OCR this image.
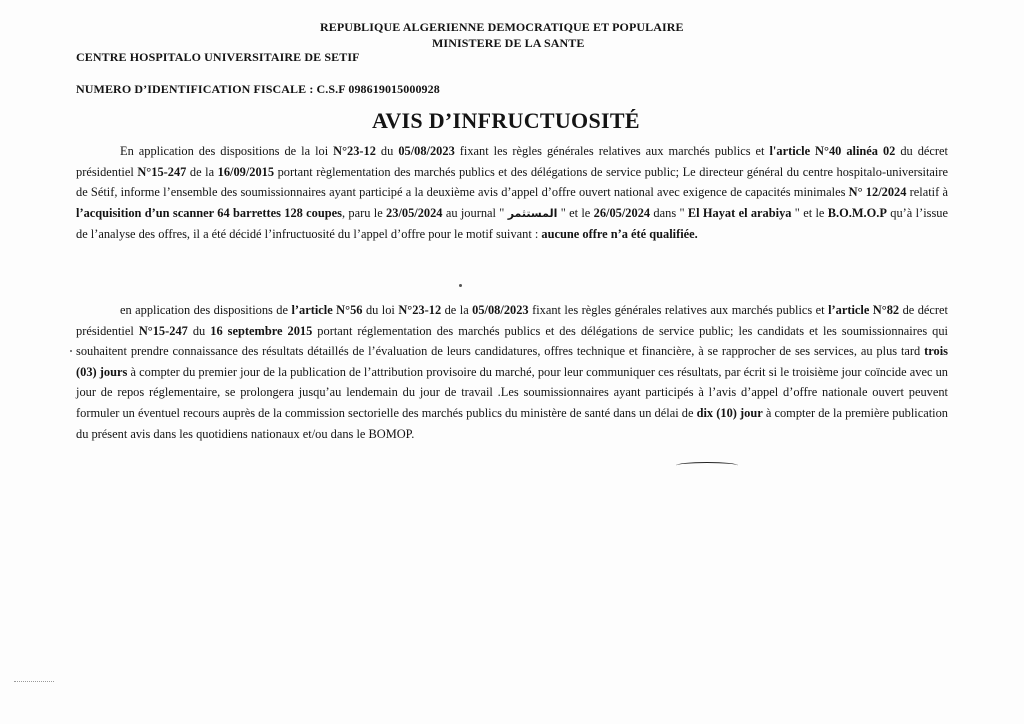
REPUBLIQUE ALGERIENNE DEMOCRATIQUE ET POPULAIRE
MINISTERE DE LA SANTE
CENTRE HOSPITALO UNIVERSITAIRE DE SETIF
NUMERO D’IDENTIFICATION FISCALE : C.S.F 098619015000928
AVIS D’INFRUCTUOSITÉ
En application des dispositions de la loi N°23-12 du 05/08/2023 fixant les règles générales relatives aux marchés publics et l'article N°40 alinéa 02 du décret présidentiel N°15-247 de la 16/09/2015 portant règlementation des marchés publics et des délégations de service public; Le directeur général du centre hospitalo-universitaire de Sétif, informe l’ensemble des soumissionnaires ayant participé a la deuxième avis d’appel d’offre ouvert national avec exigence de capacités minimales N° 12/2024 relatif à l’acquisition d’un scanner 64 barrettes 128 coupes, paru le 23/05/2024 au journal " المستثمر " et le 26/05/2024 dans " El Hayat el arabiya " et le B.O.M.O.P qu’à l’issue de l’analyse des offres, il a été décidé l’infructuosité du l’appel d’offre pour le motif suivant : aucune offre n’a été qualifiée.
en application des dispositions de l’article N°56 du loi N°23-12 de la 05/08/2023 fixant les règles générales relatives aux marchés publics et l’article N°82 de décret présidentiel N°15-247 du 16 septembre 2015 portant réglementation des marchés publics et des délégations de service public; les candidats et les soumissionnaires qui souhaitent prendre connaissance des résultats détaillés de l’évaluation de leurs candidatures, offres technique et financière, à se rapprocher de ses services, au plus tard trois (03) jours à compter du premier jour de la publication de l’attribution provisoire du marché, pour leur communiquer ces résultats, par écrit si le troisième jour coïncide avec un jour de repos réglementaire, se prolongera jusqu’au lendemain du jour de travail .Les soumissionnaires ayant participés à l’avis d’appel d’offre nationale ouvert peuvent formuler un éventuel recours auprès de la commission sectorielle des marchés publics du ministère de santé dans un délai de dix (10) jour à compter de la première publication du présent avis dans les quotidiens nationaux et/ou dans le BOMOP.
